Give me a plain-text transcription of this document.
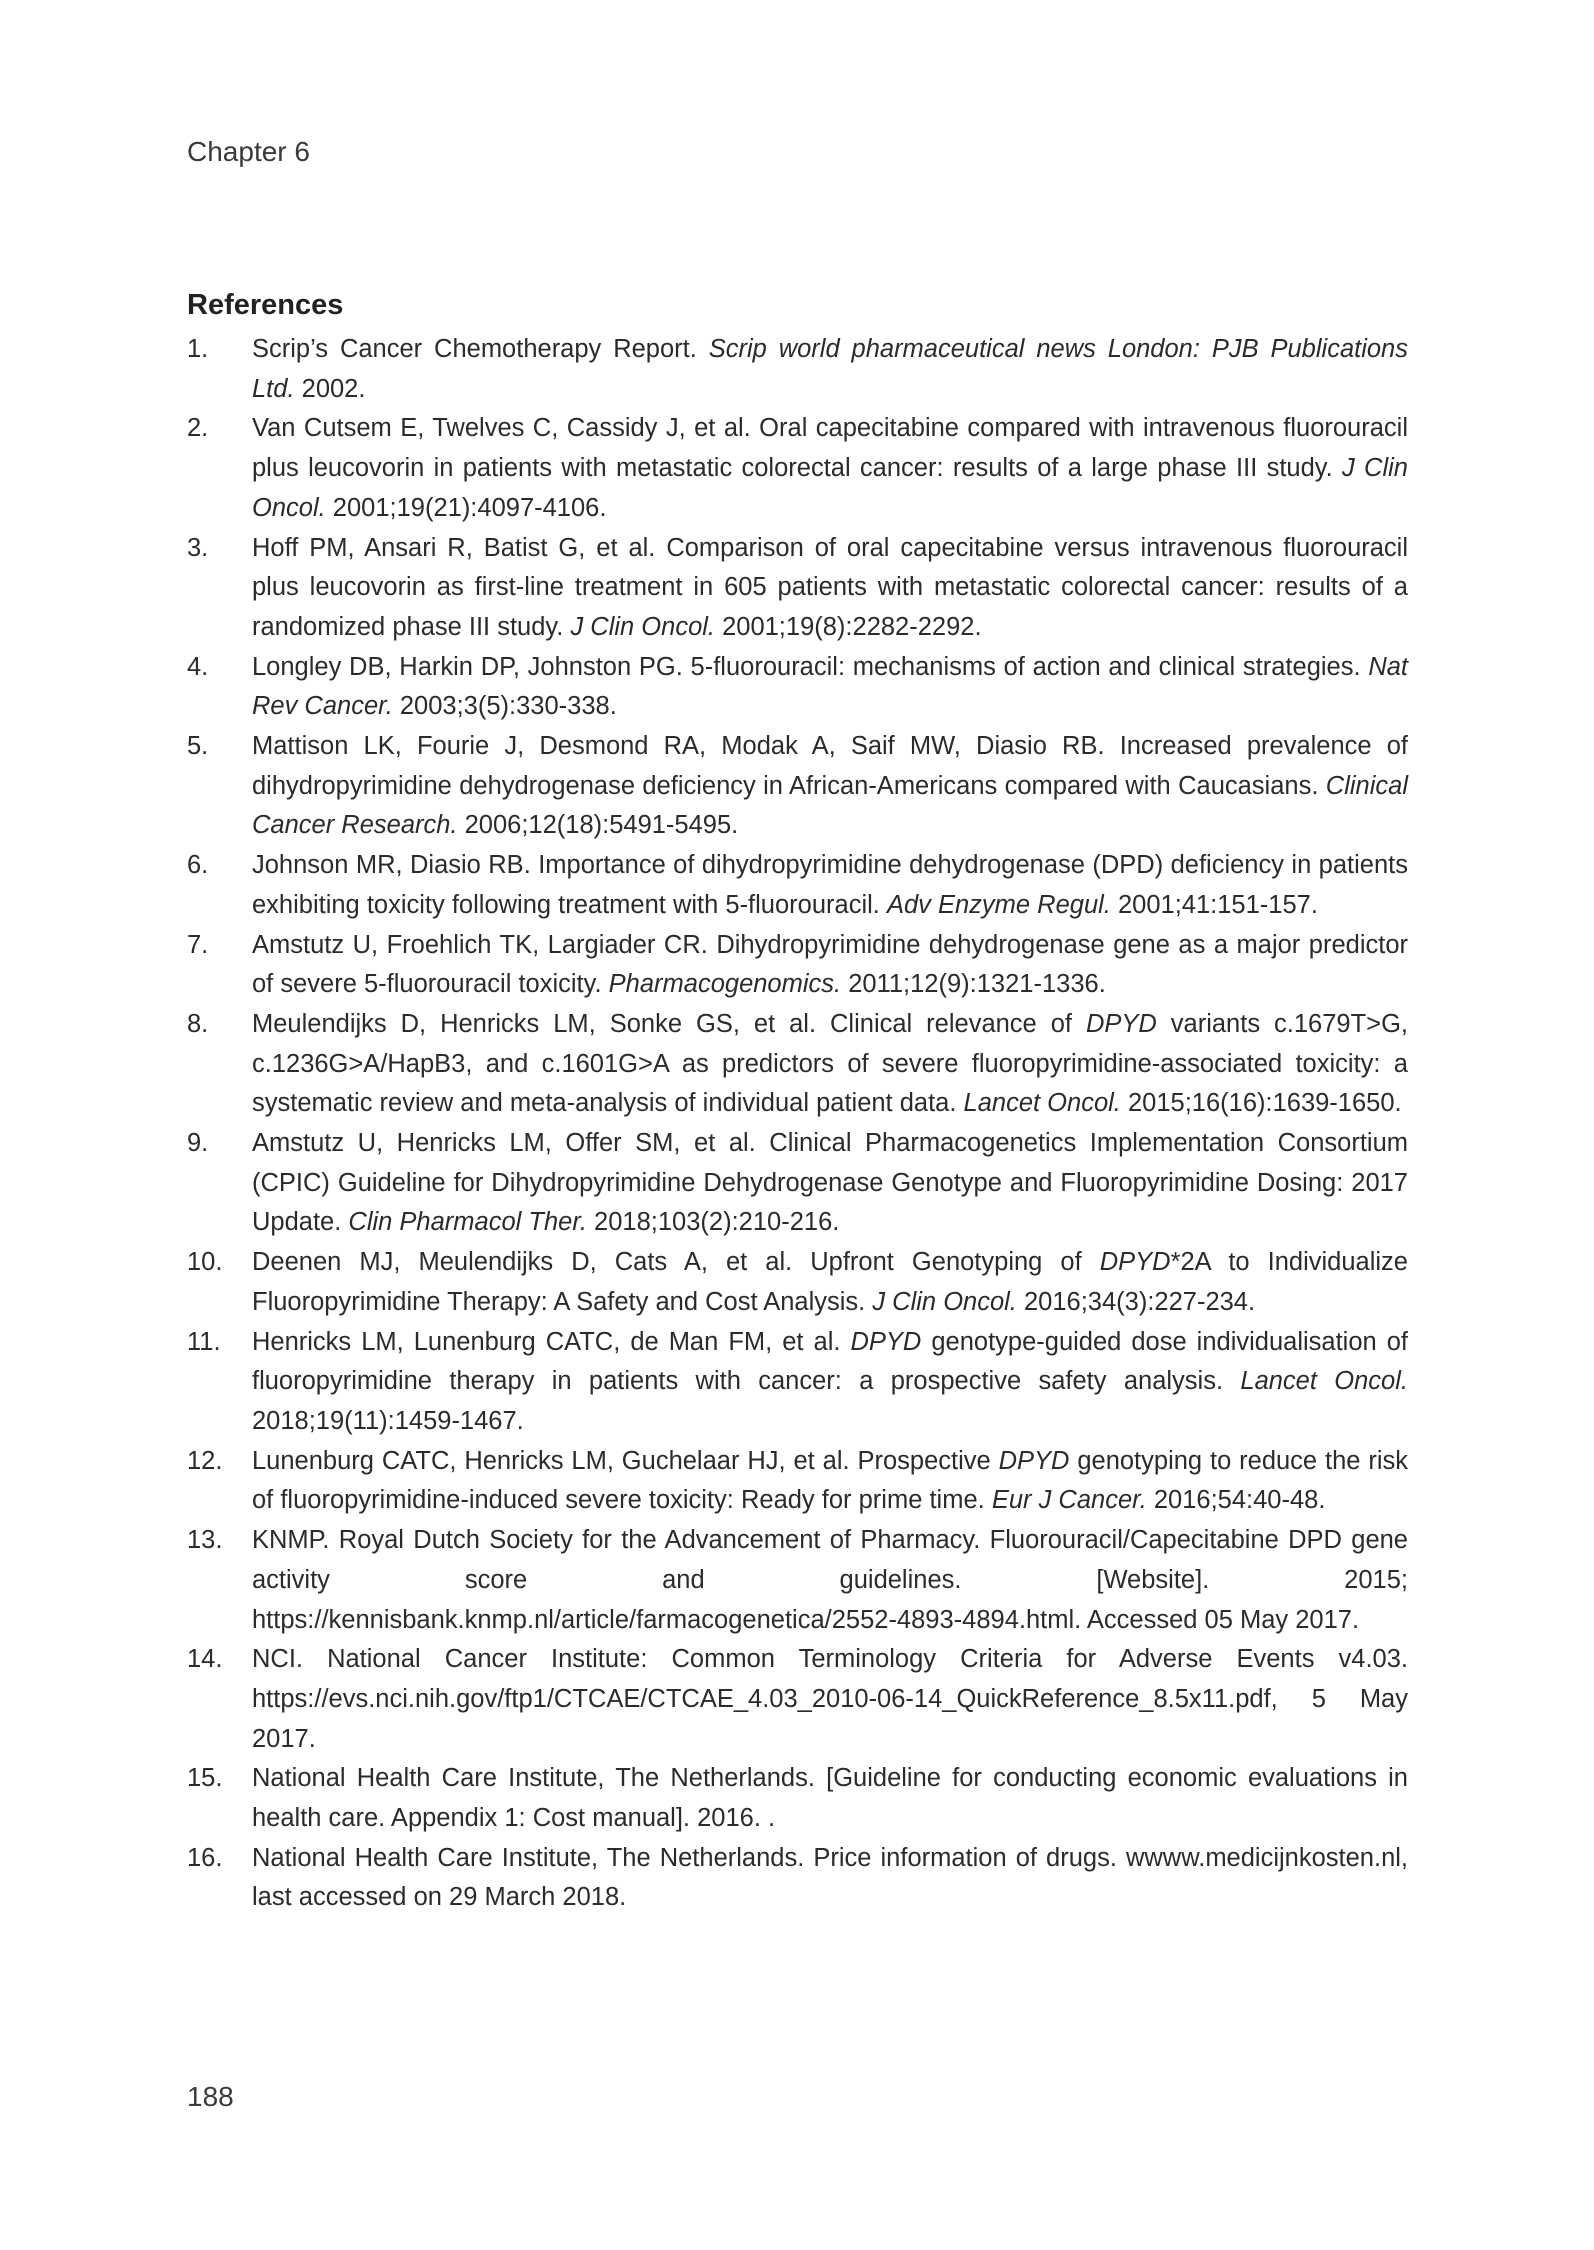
Chapter 6
References
1.	Scrip’s Cancer Chemotherapy Report. Scrip world pharmaceutical news London: PJB Publications Ltd. 2002.
2.	Van Cutsem E, Twelves C, Cassidy J, et al. Oral capecitabine compared with intravenous fluorouracil plus leucovorin in patients with metastatic colorectal cancer: results of a large phase III study. J Clin Oncol. 2001;19(21):4097-4106.
3.	Hoff PM, Ansari R, Batist G, et al. Comparison of oral capecitabine versus intravenous fluorouracil plus leucovorin as first-line treatment in 605 patients with metastatic colorectal cancer: results of a randomized phase III study. J Clin Oncol. 2001;19(8):2282-2292.
4.	Longley DB, Harkin DP, Johnston PG. 5-fluorouracil: mechanisms of action and clinical strategies. Nat Rev Cancer. 2003;3(5):330-338.
5.	Mattison LK, Fourie J, Desmond RA, Modak A, Saif MW, Diasio RB. Increased prevalence of dihydropyrimidine dehydrogenase deficiency in African-Americans compared with Caucasians. Clinical Cancer Research. 2006;12(18):5491-5495.
6.	Johnson MR, Diasio RB. Importance of dihydropyrimidine dehydrogenase (DPD) deficiency in patients exhibiting toxicity following treatment with 5-fluorouracil. Adv Enzyme Regul. 2001;41:151-157.
7.	Amstutz U, Froehlich TK, Largiader CR. Dihydropyrimidine dehydrogenase gene as a major predictor of severe 5-fluorouracil toxicity. Pharmacogenomics. 2011;12(9):1321-1336.
8.	Meulendijks D, Henricks LM, Sonke GS, et al. Clinical relevance of DPYD variants c.1679T>G, c.1236G>A/HapB3, and c.1601G>A as predictors of severe fluoropyrimidine-associated toxicity: a systematic review and meta-analysis of individual patient data. Lancet Oncol. 2015;16(16):1639-1650.
9.	Amstutz U, Henricks LM, Offer SM, et al. Clinical Pharmacogenetics Implementation Consortium (CPIC) Guideline for Dihydropyrimidine Dehydrogenase Genotype and Fluoropyrimidine Dosing: 2017 Update. Clin Pharmacol Ther. 2018;103(2):210-216.
10.	Deenen MJ, Meulendijks D, Cats A, et al. Upfront Genotyping of DPYD*2A to Individualize Fluoropyrimidine Therapy: A Safety and Cost Analysis. J Clin Oncol. 2016;34(3):227-234.
11.	Henricks LM, Lunenburg CATC, de Man FM, et al. DPYD genotype-guided dose individualisation of fluoropyrimidine therapy in patients with cancer: a prospective safety analysis. Lancet Oncol. 2018;19(11):1459-1467.
12.	Lunenburg CATC, Henricks LM, Guchelaar HJ, et al. Prospective DPYD genotyping to reduce the risk of fluoropyrimidine-induced severe toxicity: Ready for prime time. Eur J Cancer. 2016;54:40-48.
13.	KNMP. Royal Dutch Society for the Advancement of Pharmacy. Fluorouracil/Capecitabine DPD gene activity score and guidelines. [Website]. 2015; https://kennisbank.knmp.nl/article/farmacogenetica/2552-4893-4894.html. Accessed 05 May 2017.
14.	NCI. National Cancer Institute: Common Terminology Criteria for Adverse Events v4.03. https://evs.nci.nih.gov/ftp1/CTCAE/CTCAE_4.03_2010-06-14_QuickReference_8.5x11.pdf, 5 May 2017.
15.	National Health Care Institute, The Netherlands. [Guideline for conducting economic evaluations in health care. Appendix 1: Cost manual]. 2016. .
16.	National Health Care Institute, The Netherlands. Price information of drugs. wwww.medicijnkosten.nl, last accessed on 29 March 2018.
188
